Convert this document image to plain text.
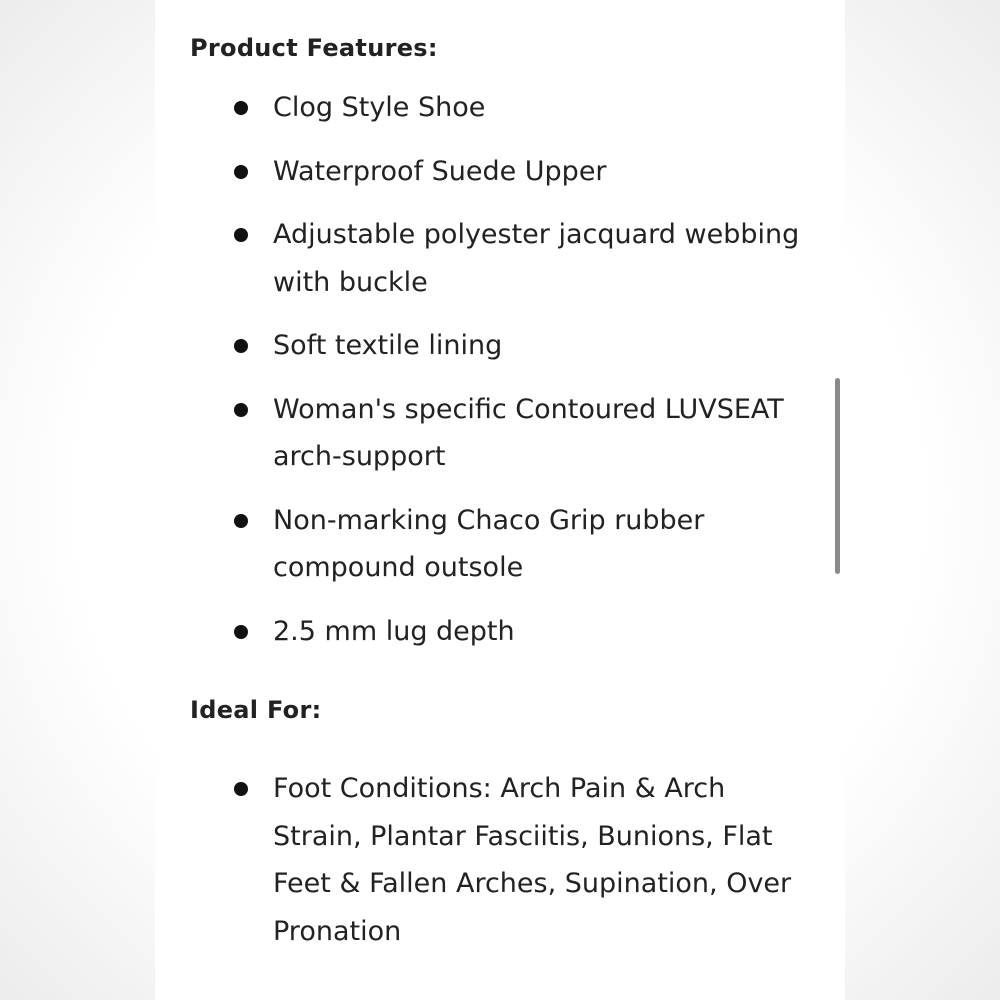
Product Features:
Clog Style Shoe
Waterproof Suede Upper
Adjustable polyester jacquard webbing with buckle
Soft textile lining
Woman's specific Contoured LUVSEAT arch-support
Non-marking Chaco Grip rubber compound outsole
2.5 mm lug depth
Ideal For:
Foot Conditions: Arch Pain & Arch Strain, Plantar Fasciitis, Bunions, Flat Feet & Fallen Arches, Supination, Over Pronation
